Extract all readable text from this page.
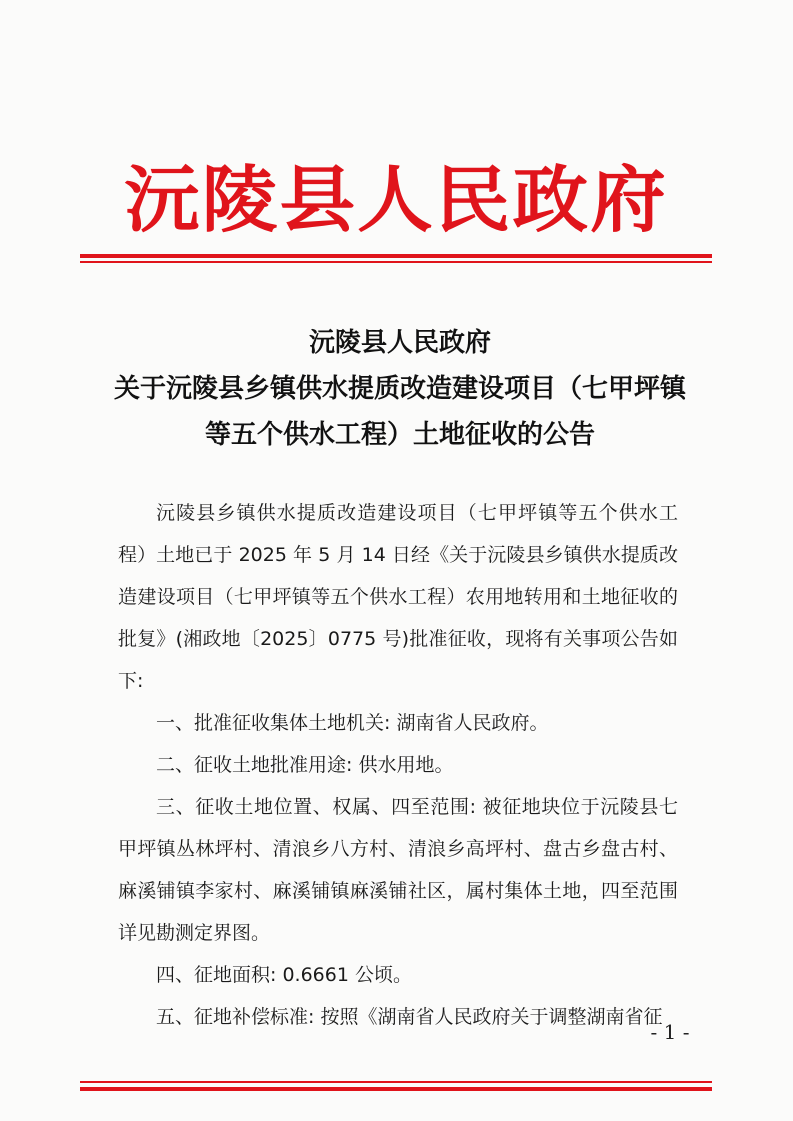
沅陵县人民政府
沅陵县人民政府
关于沅陵县乡镇供水提质改造建设项目（七甲坪镇
等五个供水工程）土地征收的公告

沅陵县乡镇供水提质改造建设项目（七甲坪镇等五个供水工程）土地已于 2025 年 5 月 14 日经《关于沅陵县乡镇供水提质改造建设项目（七甲坪镇等五个供水工程）农用地转用和土地征收的批复》(湘政地〔2025〕0775 号)批准征收，现将有关事项公告如下:

一、批准征收集体土地机关: 湖南省人民政府。

二、征收土地批准用途: 供水用地。

三、征收土地位置、权属、四至范围: 被征地块位于沅陵县七甲坪镇丛林坪村、清浪乡八方村、清浪乡高坪村、盘古乡盘古村、麻溪铺镇李家村、麻溪铺镇麻溪铺社区，属村集体土地，四至范围详见勘测定界图。

四、征地面积: 0.6661 公顷。

五、征地补偿标准: 按照《湖南省人民政府关于调整湖南省征

- 1 -
